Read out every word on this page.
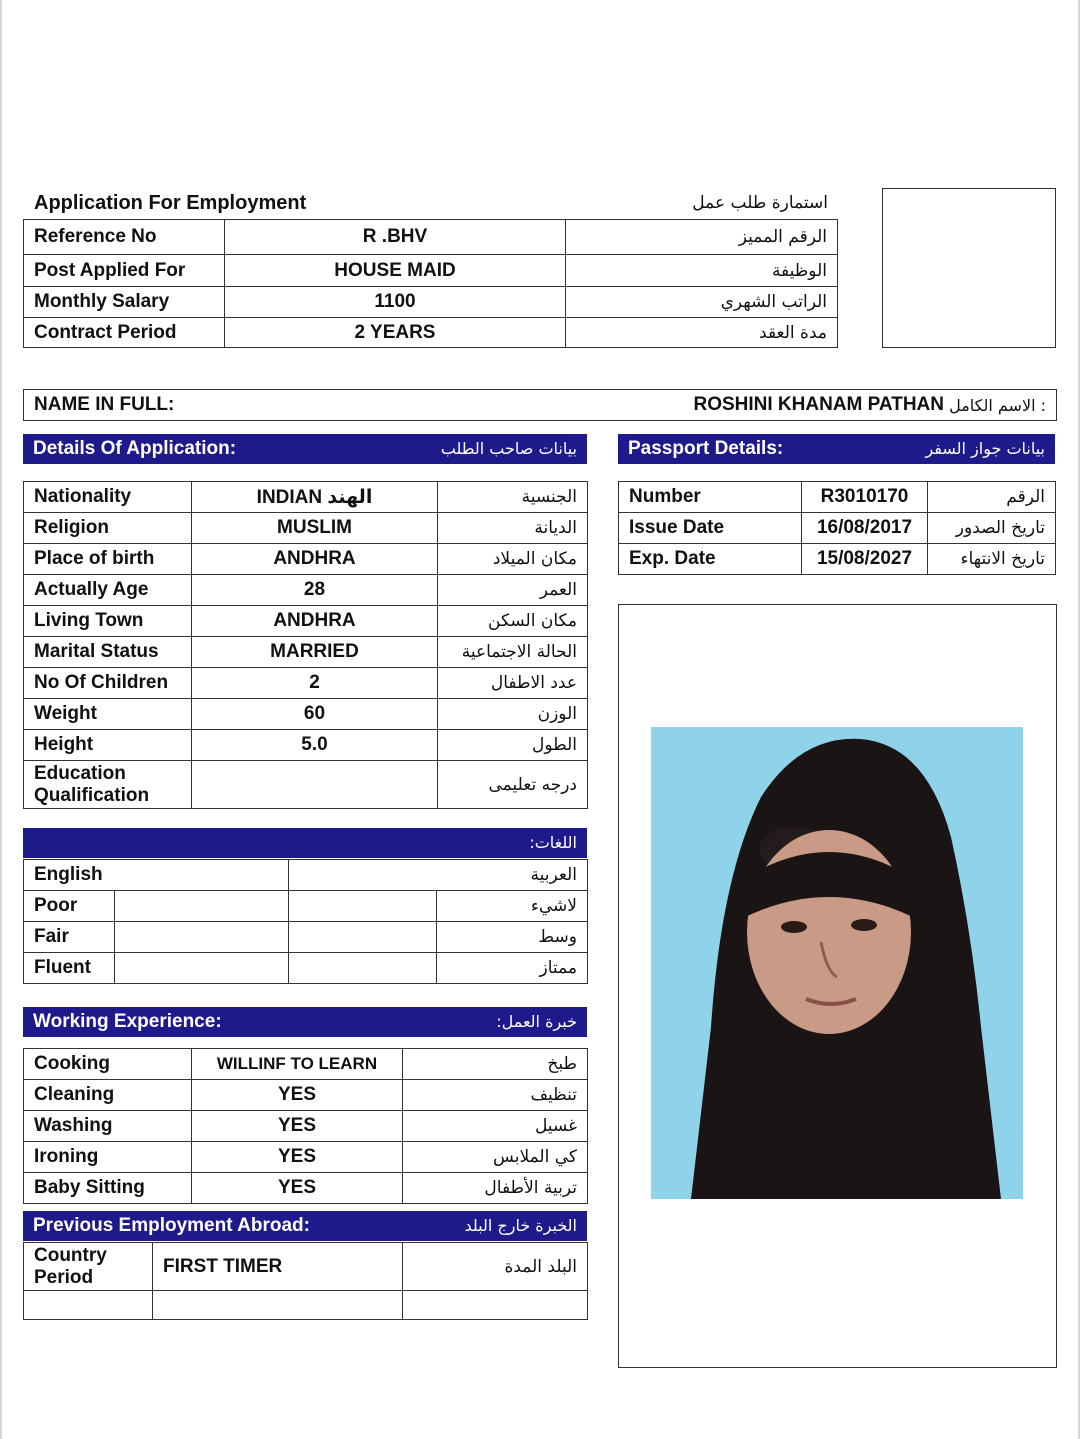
Application For Employment	استمارة طلب عمل
Reference No	R .BHV	الرقم المميز
Post Applied For	HOUSE MAID	الوظيفة
Monthly Salary	1100	الراتب الشهري
Contract Period	2 YEARS	مدة العقد
NAME IN FULL:	ROSHINI KHANAM PATHAN : الاسم الكامل
Details Of Application:	بيانات صاحب الطلب	Passport Details:	بيانات جواز السفر
Nationality	INDIAN الهند	الجنسية
Religion	MUSLIM	الديانة
Place of birth	ANDHRA	مكان الميلاد
Actually Age	28	العمر
Living Town	ANDHRA	مكان السكن
Marital Status	MARRIED	الحالة الاجتماعية
No Of Children	2	عدد الاطفال
Weight	60	الوزن
Height	5.0	الطول
Education
Qualification		درجه تعليمى
Number	R3010170	الرقم
Issue Date	16/08/2017	تاريخ الصدور
Exp. Date	15/08/2027	تاريخ الانتهاء
اللغات:
English		العربية	
Poor			لاشيء
Fair			وسط
Fluent			ممتاز
Working Experience:	خبرة العمل:
Cooking	WILLINF TO LEARN	طبخ
Cleaning	YES	تنظيف
Washing	YES	غسيل
Ironing	YES	كي الملابس
Baby Sitting	YES	تربية الأطفال
Previous Employment Abroad:	الخبرة خارج البلد
Country
Period	FIRST TIMER	البلد المدة
